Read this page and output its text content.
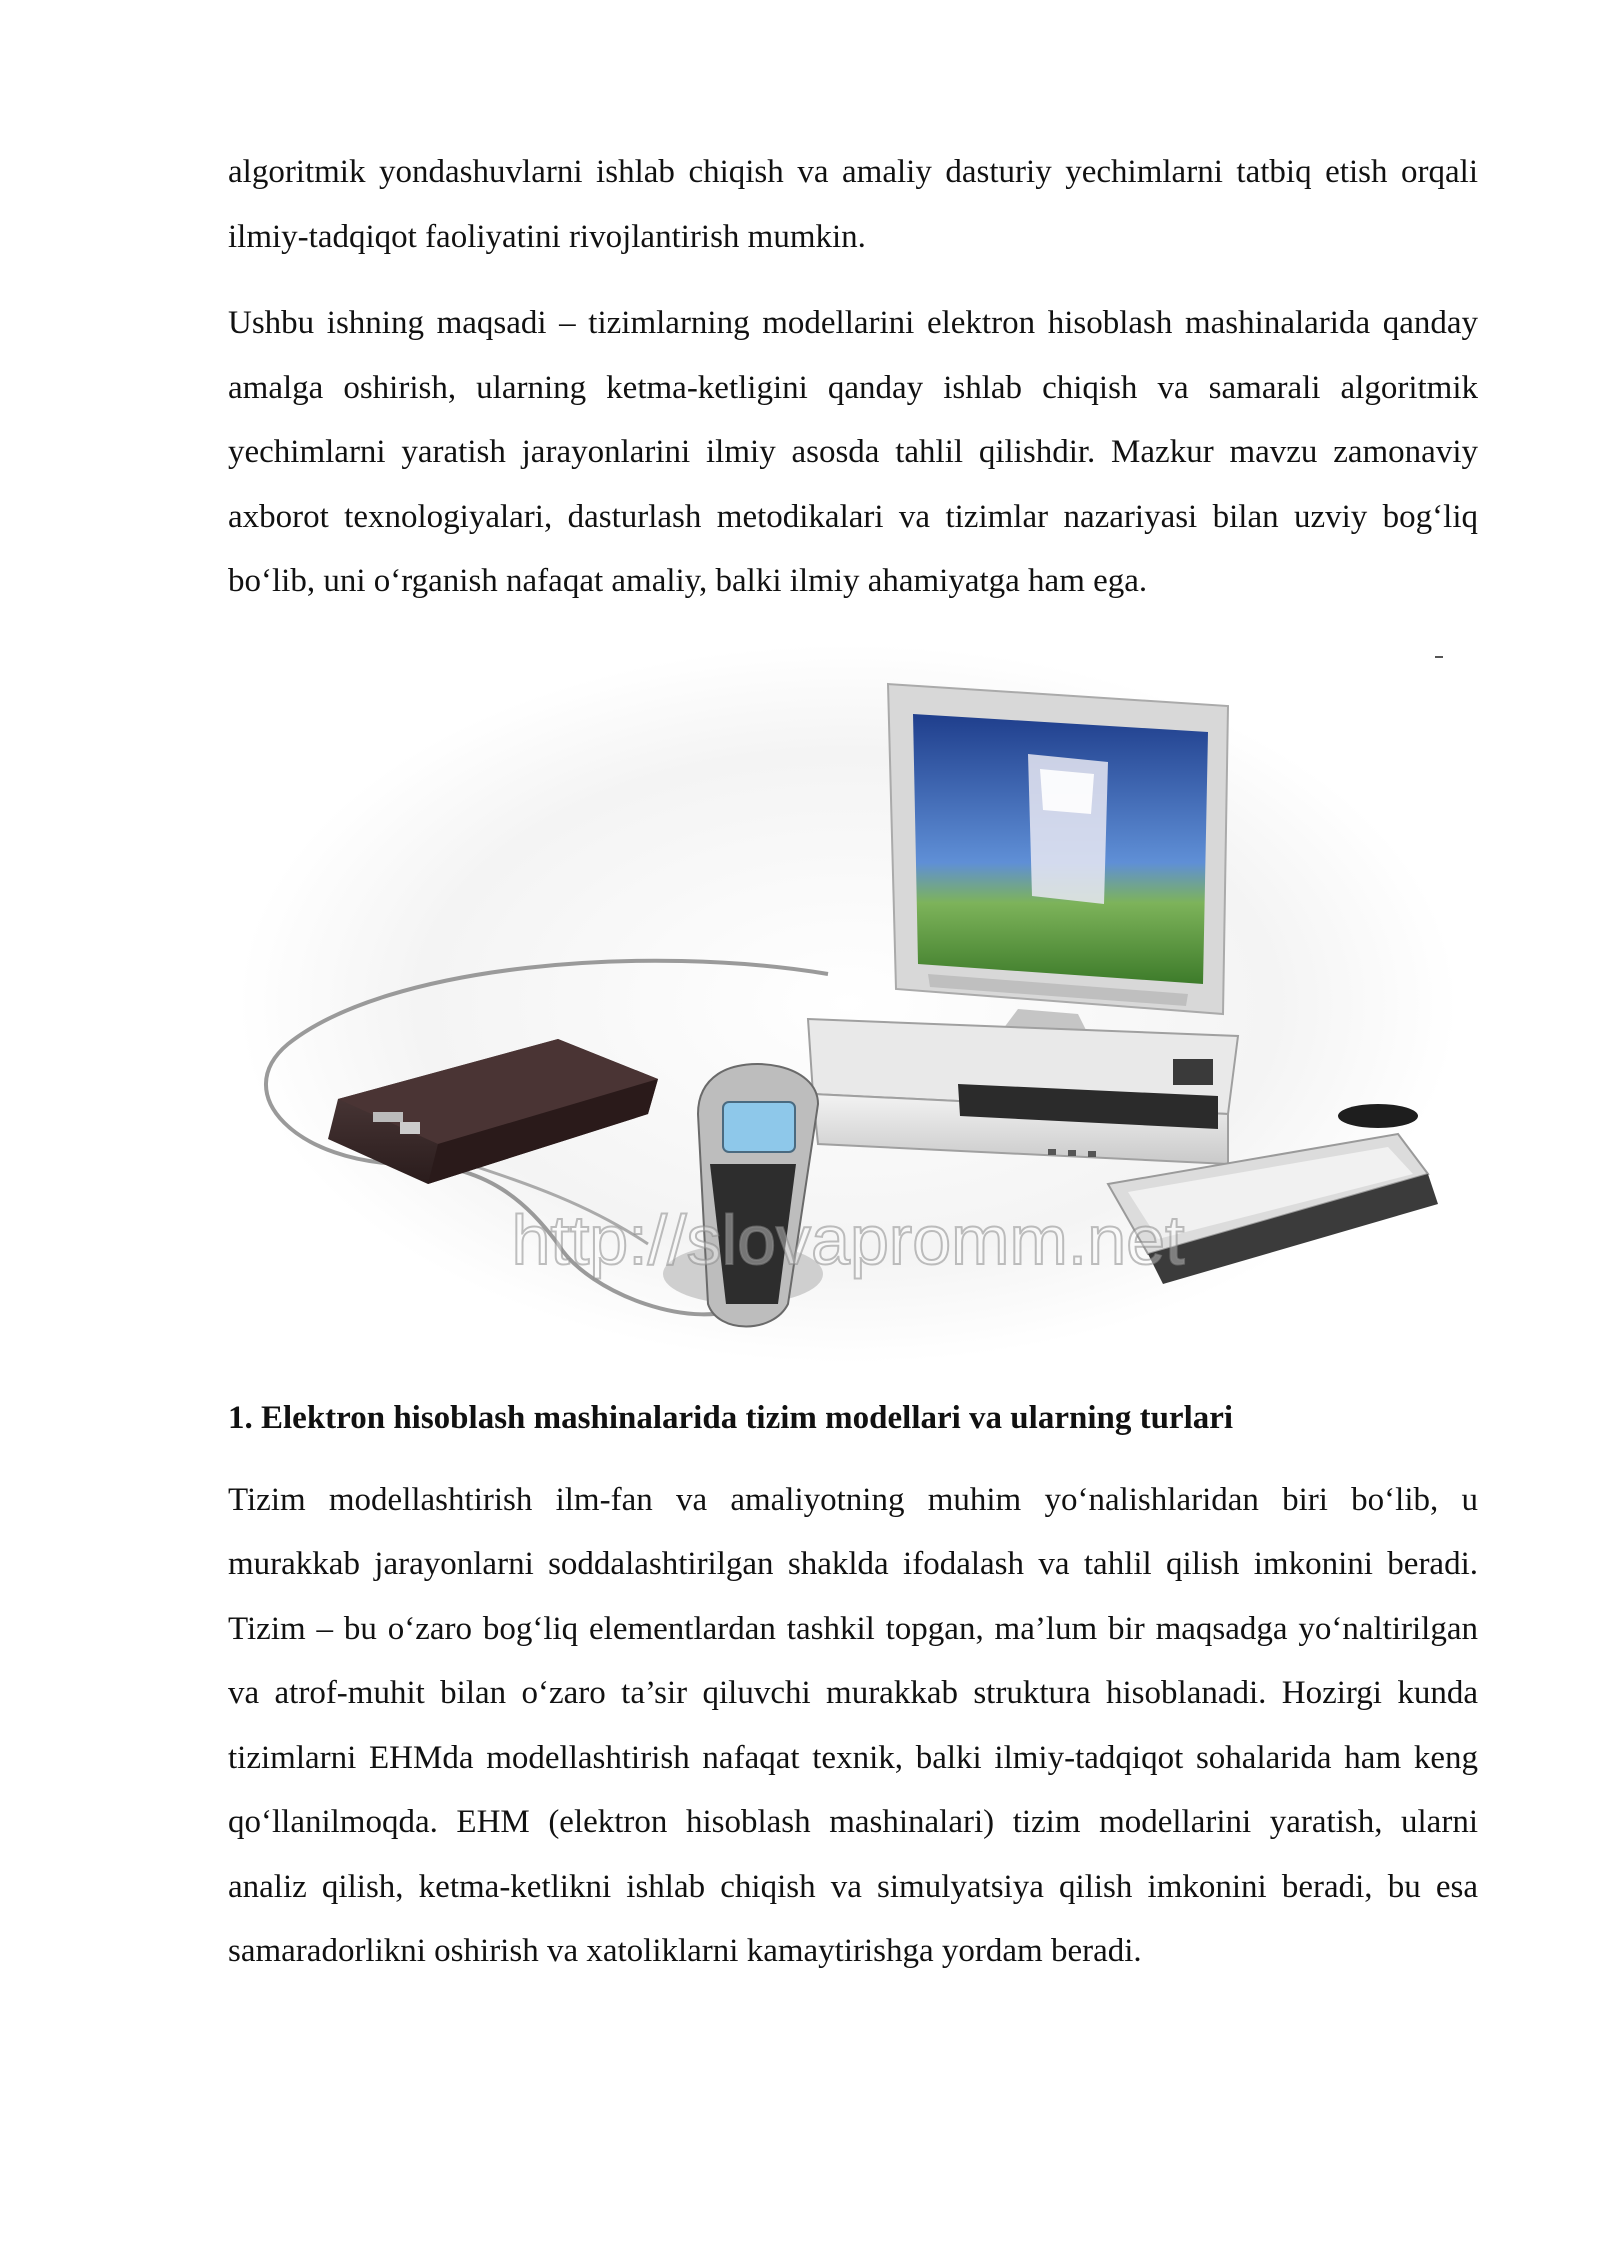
algoritmik yondashuvlarni ishlab chiqish va amaliy dasturiy yechimlarni tatbiq etish orqali ilmiy-tadqiqot faoliyatini rivojlantirish mumkin.

Ushbu ishning maqsadi – tizimlarning modellarini elektron hisoblash mashinalarida qanday amalga oshirish, ularning ketma-ketligini qanday ishlab chiqish va samarali algoritmik yechimlarni yaratish jarayonlarini ilmiy asosda tahlil qilishdir. Mazkur mavzu zamonaviy axborot texnologiyalari, dasturlash metodikalari va tizimlar nazariyasi bilan uzviy bog‘liq bo‘lib, uni o‘rganish nafaqat amaliy, balki ilmiy ahamiyatga ham ega.

http://slovapromm.net
1. Elektron hisoblash mashinalarida tizim modellari va ularning turlari

Tizim modellashtirish ilm-fan va amaliyotning muhim yo‘nalishlaridan biri bo‘lib, u murakkab jarayonlarni soddalashtirilgan shaklda ifodalash va tahlil qilish imkonini beradi. Tizim – bu o‘zaro bog‘liq elementlardan tashkil topgan, ma’lum bir maqsadga yo‘naltirilgan va atrof-muhit bilan o‘zaro ta’sir qiluvchi murakkab struktura hisoblanadi. Hozirgi kunda tizimlarni EHMda modellashtirish nafaqat texnik, balki ilmiy-tadqiqot sohalarida ham keng qo‘llanilmoqda. EHM (elektron hisoblash mashinalari) tizim modellarini yaratish, ularni analiz qilish, ketma-ketlikni ishlab chiqish va simulyatsiya qilish imkonini beradi, bu esa samaradorlikni oshirish va xatoliklarni kamaytirishga yordam beradi.
